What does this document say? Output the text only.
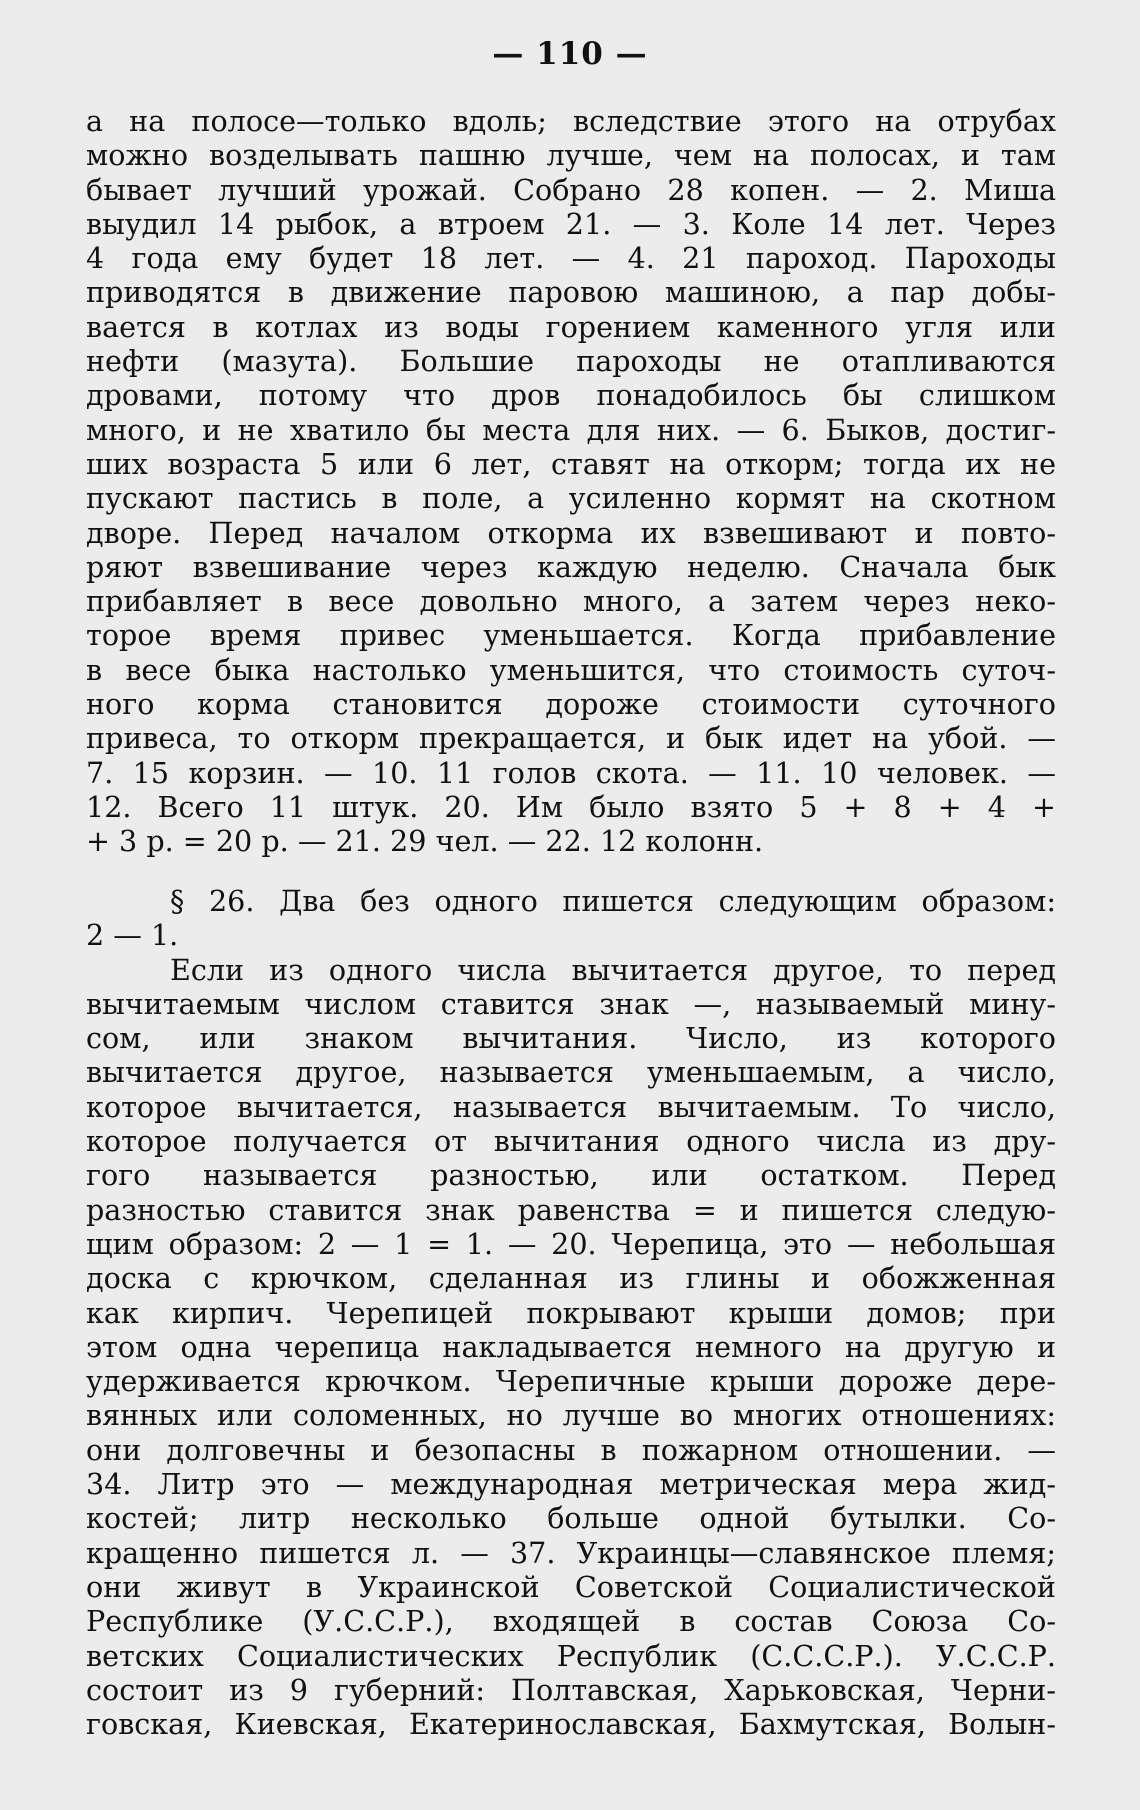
— 110 —
а на полосе—только вдоль; вследствие этого на отрубах
можно возделывать пашню лучше, чем на полосах, и там
бывает лучший урожай. Собрано 28 копен. — 2. Миша
выудил 14 рыбок, а втроем 21. — 3. Коле 14 лет. Через
4 года ему будет 18 лет. — 4. 21 пароход. Пароходы
приводятся в движение паровою машиною, а пар добы-
вается в котлах из воды горением каменного угля или
нефти (мазута). Большие пароходы не отапливаются
дровами, потому что дров понадобилось бы слишком
много, и не хватило бы места для них. — 6. Быков, достиг-
ших возраста 5 или 6 лет, ставят на откорм; тогда их не
пускают пастись в поле, а усиленно кормят на скотном
дворе. Перед началом откорма их взвешивают и повто-
ряют взвешивание через каждую неделю. Сначала бык
прибавляет в весе довольно много, а затем через неко-
торое время привес уменьшается. Когда прибавление
в весе быка настолько уменьшится, что стоимость суточ-
ного корма становится дороже стоимости суточного
привеса, то откорм прекращается, и бык идет на убой. —
7. 15 корзин. — 10. 11 голов скота. — 11. 10 человек. —
12. Всего 11 штук. 20. Им было взято 5 + 8 + 4 +
+ 3 р. = 20 р. — 21. 29 чел. — 22. 12 колонн.
§ 26. Два без одного пишется следующим образом:
2 — 1.
Если из одного числа вычитается другое, то перед
вычитаемым числом ставится знак —, называемый мину-
сом, или знаком вычитания. Число, из которого
вычитается другое, называется уменьшаемым, а число,
которое вычитается, называется вычитаемым. То число,
которое получается от вычитания одного числа из дру-
гого называется разностью, или остатком. Перед
разностью ставится знак равенства = и пишется следую-
щим образом: 2 — 1 = 1. — 20. Черепица, это — небольшая
доска с крючком, сделанная из глины и обожженная
как кирпич. Черепицей покрывают крыши домов; при
этом одна черепица накладывается немного на другую и
удерживается крючком. Черепичные крыши дороже дере-
вянных или соломенных, но лучше во многих отношениях:
они долговечны и безопасны в пожарном отношении. —
34. Литр это — международная метрическая мера жид-
костей; литр несколько больше одной бутылки. Со-
кращенно пишется л. — 37. Украинцы—славянское племя;
они живут в Украинской Советской Социалистической
Республике (У.С.С.Р.), входящей в состав Союза Со-
ветских Социалистических Республик (С.С.С.Р.). У.С.С.Р.
состоит из 9 губерний: Полтавская, Харьковская, Черни-
говская, Киевская, Екатеринославская, Бахмутская, Волын-
